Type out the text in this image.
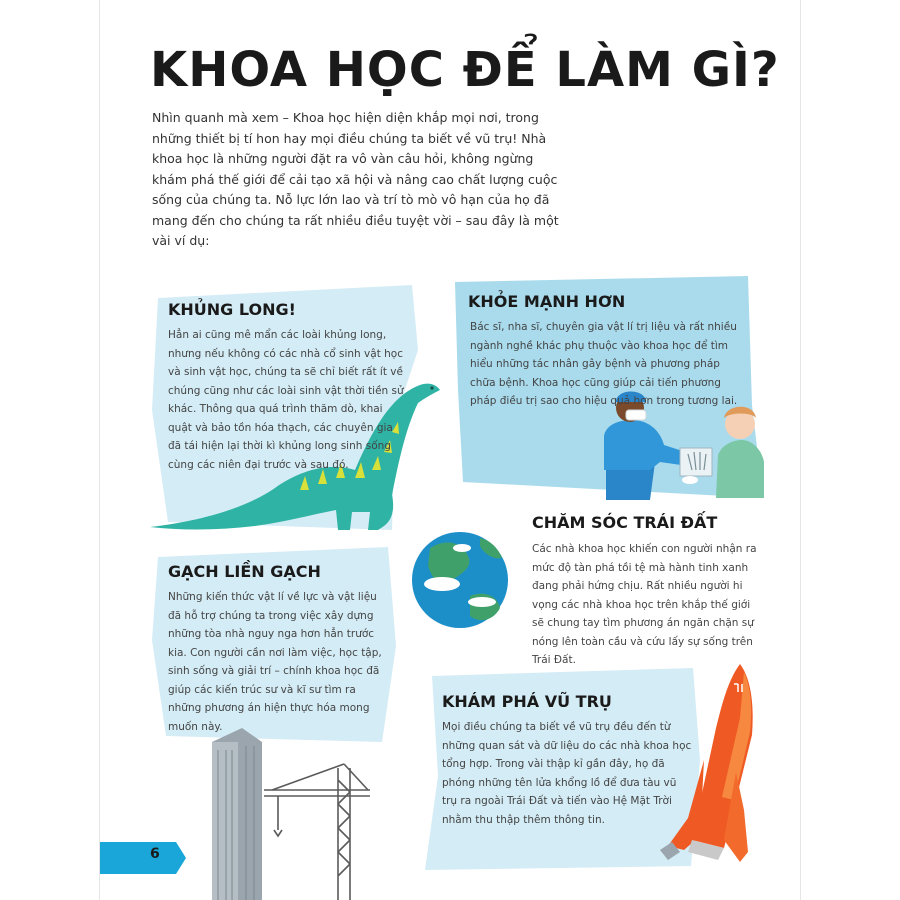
KHOA HỌC ĐỂ LÀM GÌ?

Nhìn quanh mà xem – Khoa học hiện diện khắp mọi nơi, trong những thiết bị tí hon hay mọi điều chúng ta biết về vũ trụ! Nhà khoa học là những người đặt ra vô vàn câu hỏi, không ngừng khám phá thế giới để cải tạo xã hội và nâng cao chất lượng cuộc sống của chúng ta. Nỗ lực lớn lao và trí tò mò vô hạn của họ đã mang đến cho chúng ta rất nhiều điều tuyệt vời – sau đây là một vài ví dụ:

KHỦNG LONG!

Hẳn ai cũng mê mẩn các loài khủng long, nhưng nếu không có các nhà cổ sinh vật học và sinh vật học, chúng ta sẽ chỉ biết rất ít về chúng cũng như các loài sinh vật thời tiền sử khác. Thông qua quá trình thăm dò, khai quật và bảo tồn hóa thạch, các chuyên gia đã tái hiện lại thời kì khủng long sinh sống cùng các niên đại trước và sau đó.

KHỎE MẠNH HƠN

Bác sĩ, nha sĩ, chuyên gia vật lí trị liệu và rất nhiều ngành nghề khác phụ thuộc vào khoa học để tìm hiểu những tác nhân gây bệnh và phương pháp chữa bệnh. Khoa học cũng giúp cải tiến phương pháp điều trị sao cho hiệu quả hơn trong tương lai.

CHĂM SÓC TRÁI ĐẤT

Các nhà khoa học khiến con người nhận ra mức độ tàn phá tồi tệ mà hành tinh xanh đang phải hứng chịu. Rất nhiều người hi vọng các nhà khoa học trên khắp thế giới sẽ chung tay tìm phương án ngăn chặn sự nóng lên toàn cầu và cứu lấy sự sống trên Trái Đất.

GẠCH LIỀN GẠCH

Những kiến thức vật lí về lực và vật liệu đã hỗ trợ chúng ta trong việc xây dựng những tòa nhà nguy nga hơn hẳn trước kia. Con người cần nơi làm việc, học tập, sinh sống và giải trí – chính khoa học đã giúp các kiến trúc sư và kĩ sư tìm ra những phương án hiện thực hóa mong muốn này.

KHÁM PHÁ VŨ TRỤ

Mọi điều chúng ta biết về vũ trụ đều đến từ những quan sát và dữ liệu do các nhà khoa học tổng hợp. Trong vài thập kỉ gần đây, họ đã phóng những tên lửa khổng lồ để đưa tàu vũ trụ ra ngoài Trái Đất và tiến vào Hệ Mặt Trời nhằm thu thập thêm thông tin.

6
